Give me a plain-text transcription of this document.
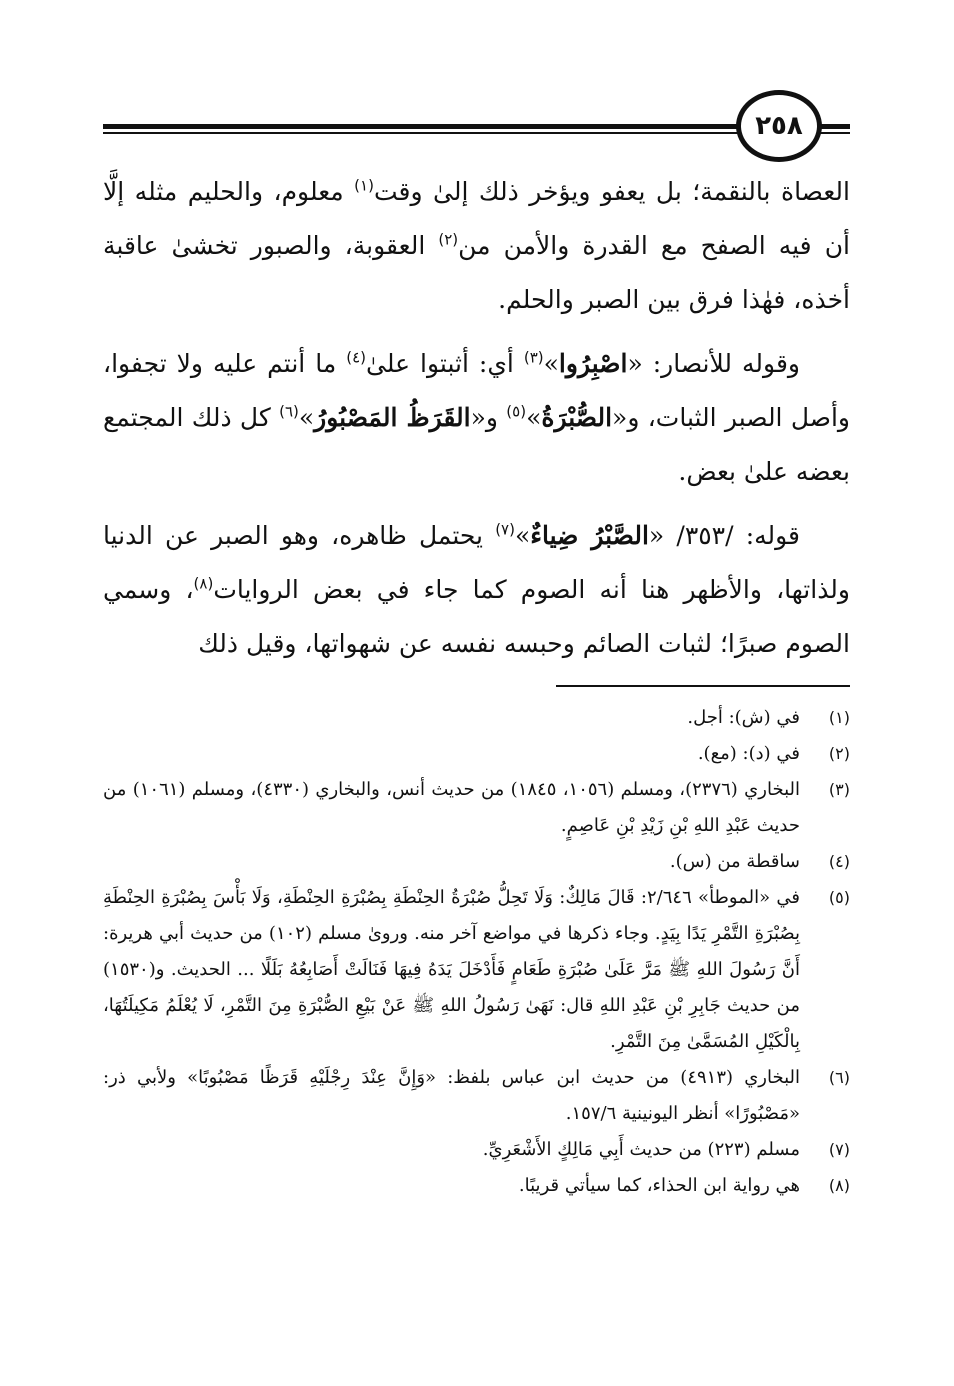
٢٥٨

العصاة بالنقمة؛ بل يعفو ويؤخر ذلك إلىٰ وقت$^{(١)}$ معلوم، والحليم مثله إلَّا أن فيه الصفح مع القدرة والأمن من$^{(٢)}$ العقوبة، والصبور تخشىٰ عاقبة أخذه، فهٰذا فرق بين الصبر والحلم.

وقوله للأنصار: «اصْبِرُوا»$^{(٣)}$ أي: أثبتوا علىٰ$^{(٤)}$ ما أنتم عليه ولا تجفوا، وأصل الصبر الثبات، و«الصُّبْرَةُ»$^{(٥)}$ و«القَرَظُ المَصْبُورُ»$^{(٦)}$ كل ذلك المجتمع بعضه علىٰ بعض.

قوله: /٣٥٣/ «الصَّبْرُ ضِياءٌ»$^{(٧)}$ يحتمل ظاهره، وهو الصبر عن الدنيا ولذاتها، والأظهر هنا أنه الصوم كما جاء في بعض الروايات$^{(٨)}$، وسمي الصوم صبرًا؛ لثبات الصائم وحبسه نفسه عن شهواتها، وقيل ذلك

(١)
في (ش): أجل.
(٢)
في (د): (مع).
(٣)
البخاري (٢٣٧٦)، ومسلم (١٠٥٦، ١٨٤٥) من حديث أنس، والبخاري (٤٣٣٠)، ومسلم (١٠٦١) من حديث عَبْدِ اللهِ بْنِ زَيْدِ بْنِ عَاصِمٍ.
(٤)
ساقطة من (س).
(٥)
في «الموطأ» ٢/٦٤٦: قَالَ مَالِكٌ: وَلَا تَحِلُّ صُبْرَةُ الحِنْطَةِ بِصُبْرَةِ الحِنْطَةِ، وَلَا بَأْسَ بِصُبْرَةِ الحِنْطَةِ بِصُبْرَةِ التَّمْرِ يَدًا بِيَدٍ. وجاء ذكرها في مواضع آخر منه. وروىٰ مسلم (١٠٢) من حديث أبي هريرة: أَنَّ رَسُولَ اللهِ ﷺ مَرَّ عَلَىٰ صُبْرَةِ طَعَامٍ فَأَدْخَلَ يَدَهُ فِيهَا فَنَالَتْ أَصَابِعُهُ بَلَلًا ... الحديث. و(١٥٣٠) من حديث جَابِرِ بْنِ عَبْدِ اللهِ قال: نَهَىٰ رَسُولُ اللهِ ﷺ عَنْ بَيْعِ الصُّبْرَةِ مِنَ التَّمْرِ، لَا يُعْلَمُ مَكِيلَتُهَا، بِالْكَيْلِ المُسَمَّىٰ مِنَ التَّمْرِ.
(٦)
البخاري (٤٩١٣) من حديث ابن عباس بلفظ: «وَإِنَّ عِنْدَ رِجْلَيْهِ قَرَظًا مَصْبُوبًا» ولأبي ذر: «مَصْبُورًا» أنظر اليونينية ١٥٧/٦.
(٧)
مسلم (٢٢٣) من حديث أَبِي مَالِكٍ الأَشْعَرِيِّ.
(٨)
هي رواية ابن الحذاء، كما سيأتي قريبًا.
